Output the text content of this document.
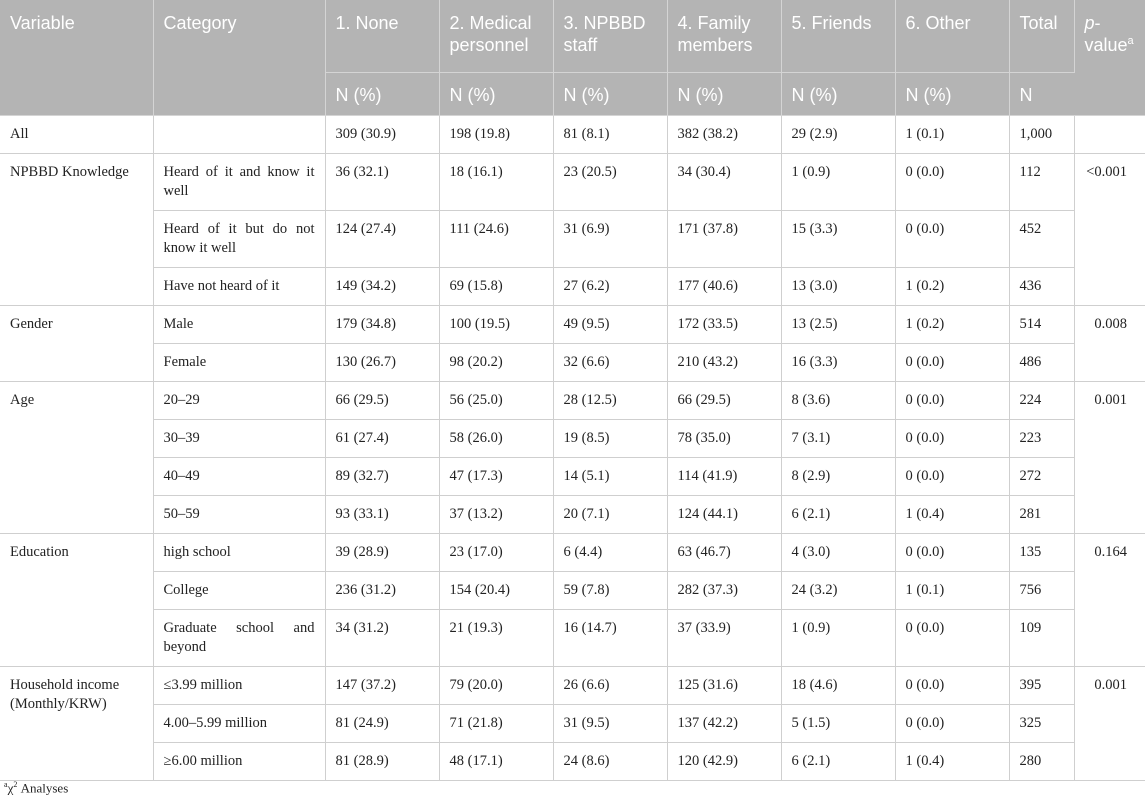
Variable	Category	1. None	2. Medical personnel	3. NPBBD staff	4. Family members	5. Friends	6. Other	Total	p-value$^a$
		N (%)	N (%)	N (%)	N (%)	N (%)	N (%)	N	
All		309 (30.9)	198 (19.8)	81 (8.1)	382 (38.2)	29 (2.9)	1 (0.1)	1,000	
NPBBD Knowledge	Heard of it and know it well	36 (32.1)	18 (16.1)	23 (20.5)	34 (30.4)	1 (0.9)	0 (0.0)	112	<0.001
	Heard of it but do not know it well	124 (27.4)	111 (24.6)	31 (6.9)	171 (37.8)	15 (3.3)	0 (0.0)	452	
	Have not heard of it	149 (34.2)	69 (15.8)	27 (6.2)	177 (40.6)	13 (3.0)	1 (0.2)	436	
Gender	Male	179 (34.8)	100 (19.5)	49 (9.5)	172 (33.5)	13 (2.5)	1 (0.2)	514	0.008
	Female	130 (26.7)	98 (20.2)	32 (6.6)	210 (43.2)	16 (3.3)	0 (0.0)	486	
Age	20–29	66 (29.5)	56 (25.0)	28 (12.5)	66 (29.5)	8 (3.6)	0 (0.0)	224	0.001
	30–39	61 (27.4)	58 (26.0)	19 (8.5)	78 (35.0)	7 (3.1)	0 (0.0)	223	
	40–49	89 (32.7)	47 (17.3)	14 (5.1)	114 (41.9)	8 (2.9)	0 (0.0)	272	
	50–59	93 (33.1)	37 (13.2)	20 (7.1)	124 (44.1)	6 (2.1)	1 (0.4)	281	
Education	high school	39 (28.9)	23 (17.0)	6 (4.4)	63 (46.7)	4 (3.0)	0 (0.0)	135	0.164
	College	236 (31.2)	154 (20.4)	59 (7.8)	282 (37.3)	24 (3.2)	1 (0.1)	756	
	Graduate school and beyond	34 (31.2)	21 (19.3)	16 (14.7)	37 (33.9)	1 (0.9)	0 (0.0)	109	
Household income (Monthly/KRW)	≤3.99 million	147 (37.2)	79 (20.0)	26 (6.6)	125 (31.6)	18 (4.6)	0 (0.0)	395	0.001
	4.00–5.99 million	81 (24.9)	71 (21.8)	31 (9.5)	137 (42.2)	5 (1.5)	0 (0.0)	325	
	≥6.00 million	81 (28.9)	48 (17.1)	24 (8.6)	120 (42.9)	6 (2.1)	1 (0.4)	280	
$^a\chi^2$ Analyses
